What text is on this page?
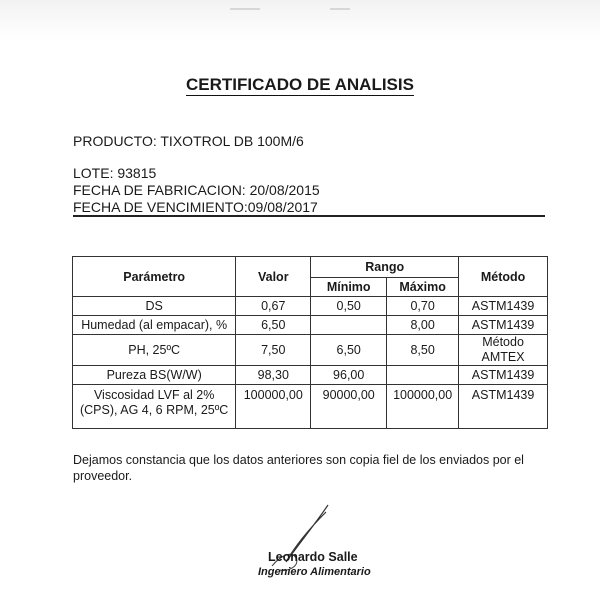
CERTIFICADO DE ANALISIS
PRODUCTO: TIXOTROL DB 100M/6
LOTE: 93815
FECHA DE FABRICACION: 20/08/2015
FECHA DE VENCIMIENTO:09/08/2017
Parámetro	Valor	Rango		Método
		Mínimo	Máximo	
DS	0,67	0,50	0,70	ASTM1439
Humedad (al empacar), %	6,50		8,00	ASTM1439
PH, 25ºC	7,50	6,50	8,50	Método AMTEX
Pureza BS(W/W)	98,30	96,00		ASTM1439
Viscosidad LVF al 2% (CPS), AG 4, 6 RPM, 25ºC	100000,00	90000,00	100000,00	ASTM1439
Dejamos constancia que los datos anteriores son copia fiel de los enviados por el proveedor.
Leonardo Salle
Ingeniero Alimentario
